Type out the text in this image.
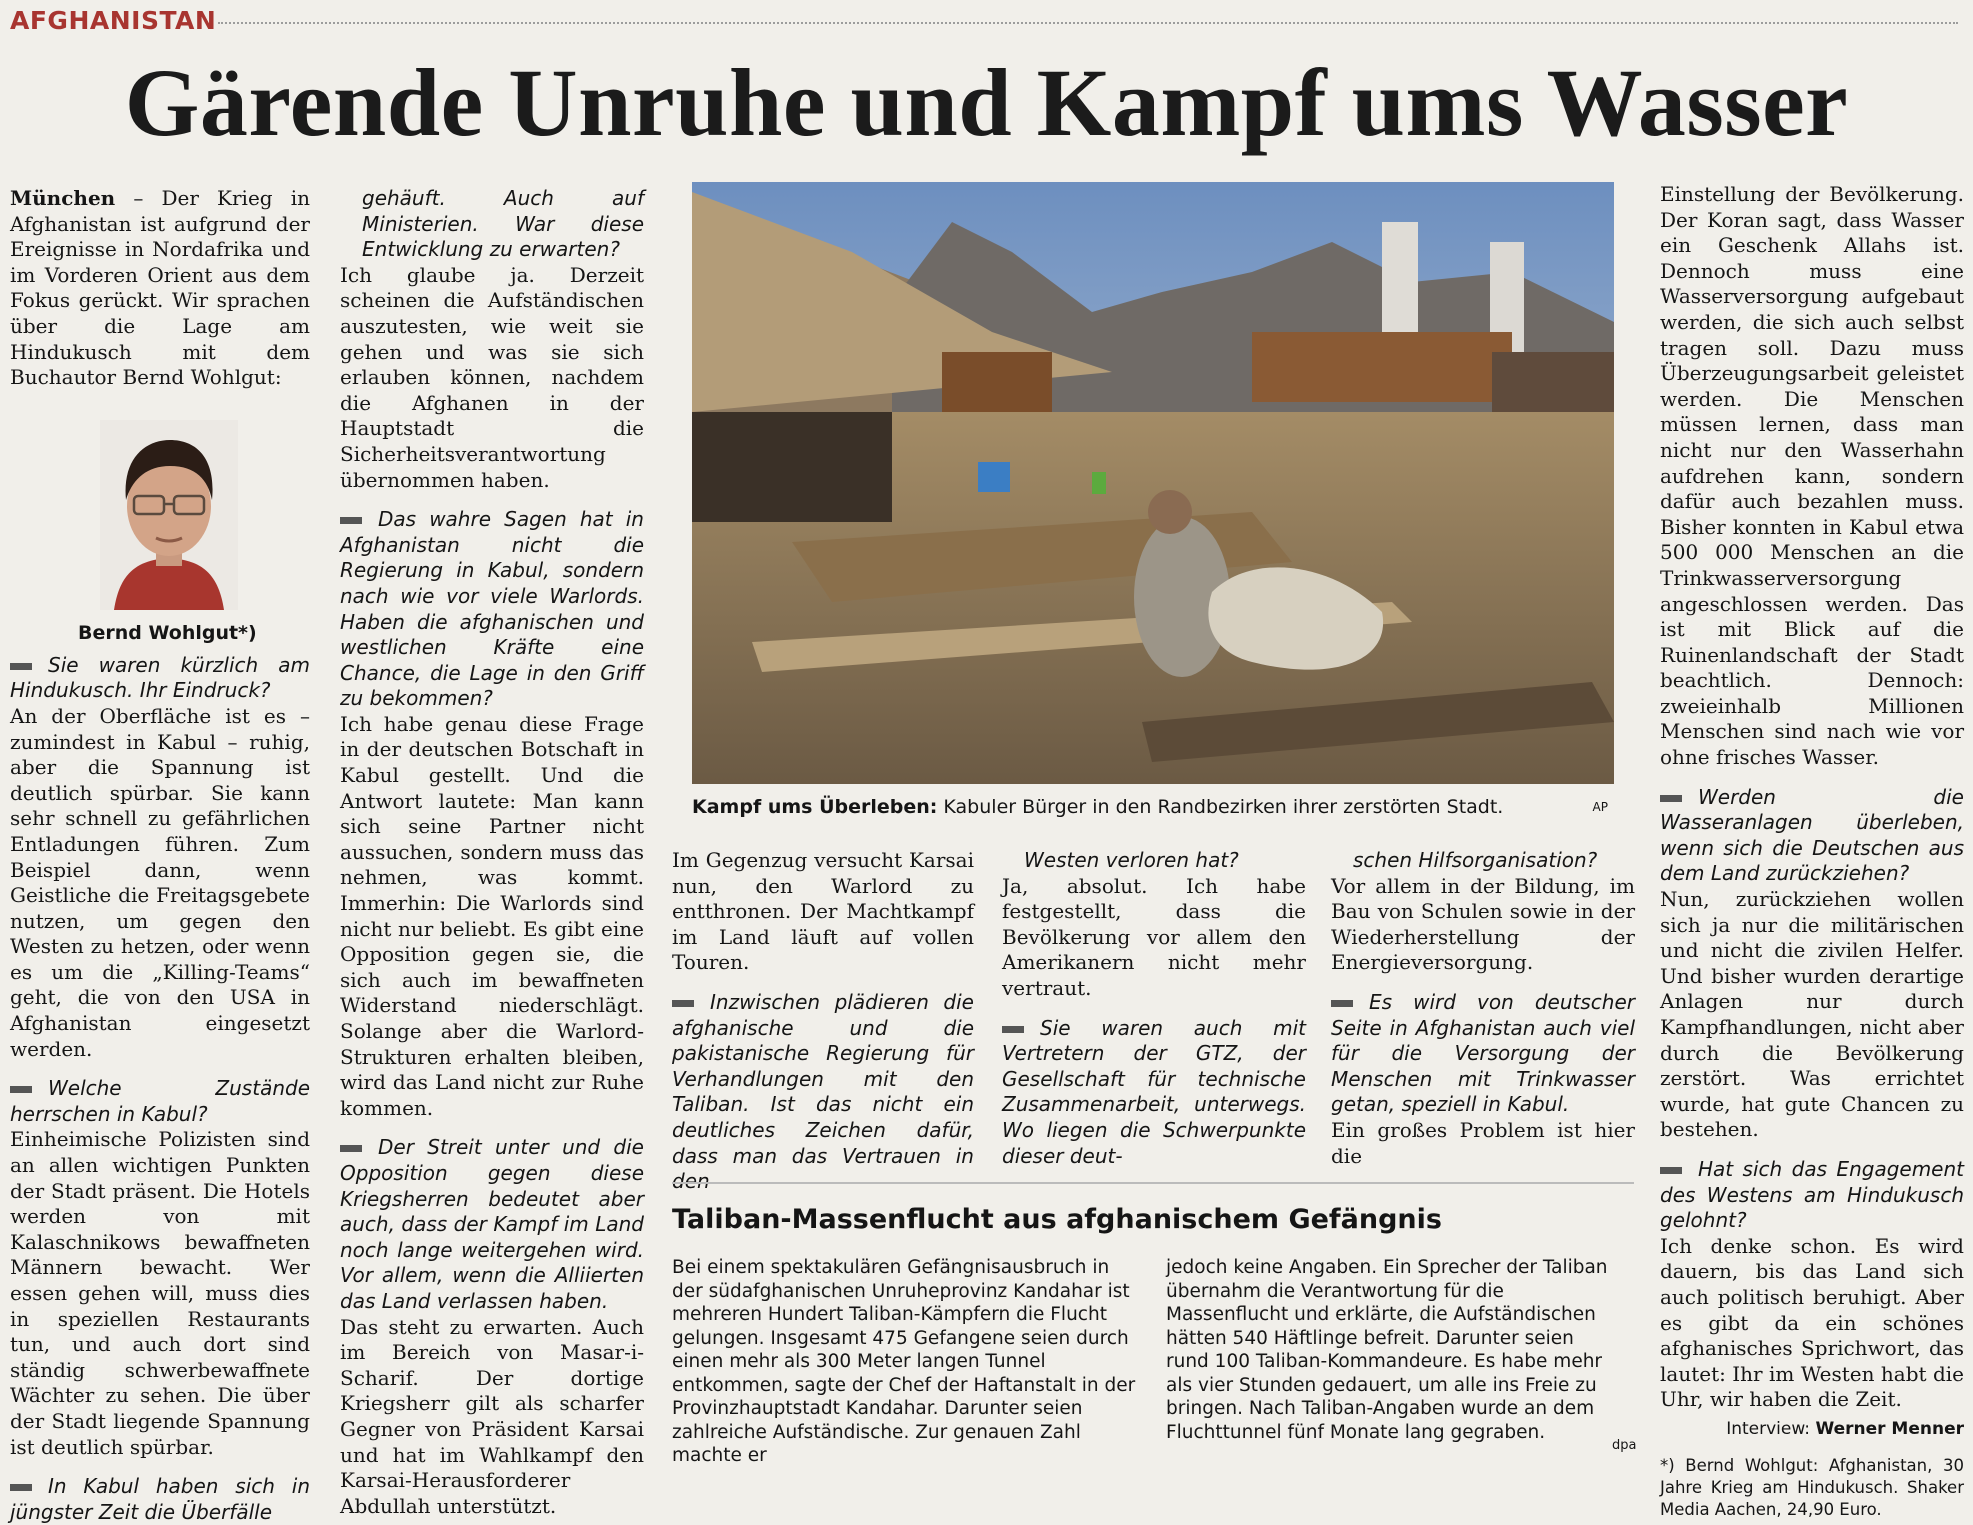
AFGHANISTAN
Gärende Unruhe und Kampf ums Wasser

München – Der Krieg in Afghanistan ist aufgrund der Ereignisse in Nordafrika und im Vorderen Orient aus dem Fokus gerückt. Wir sprachen über die Lage am Hindukusch mit dem Buchautor Bernd Wohlgut:

Sie waren kürzlich am Hindukusch. Ihr Eindruck?

An der Oberfläche ist es – zumindest in Kabul – ruhig, aber die Spannung ist deutlich spürbar. Sie kann sehr schnell zu gefährlichen Entladungen führen. Zum Beispiel dann, wenn Geistliche die Freitagsgebete nutzen, um gegen den Westen zu hetzen, oder wenn es um die „Killing-Teams“ geht, die von den USA in Afghanistan eingesetzt werden.

Welche Zustände herrschen in Kabul?

Einheimische Polizisten sind an allen wichtigen Punkten der Stadt präsent. Die Hotels werden von mit Kalaschnikows bewaffneten Männern bewacht. Wer essen gehen will, muss dies in speziellen Restaurants tun, und auch dort sind ständig schwerbewaffnete Wächter zu sehen. Die über der Stadt liegende Spannung ist deutlich spürbar.

In Kabul haben sich in jüngster Zeit die Überfälle

Bernd Wohlgut*)

gehäuft. Auch auf Ministerien. War diese Entwicklung zu erwarten?

Ich glaube ja. Derzeit scheinen die Aufständischen auszutesten, wie weit sie gehen und was sie sich erlauben können, nachdem die Afghanen in der Hauptstadt die Sicherheitsverantwortung übernommen haben.

Das wahre Sagen hat in Afghanistan nicht die Regierung in Kabul, sondern nach wie vor viele Warlords. Haben die afghanischen und westlichen Kräfte eine Chance, die Lage in den Griff zu bekommen?

Ich habe genau diese Frage in der deutschen Botschaft in Kabul gestellt. Und die Antwort lautete: Man kann sich seine Partner nicht aussuchen, sondern muss das nehmen, was kommt. Immerhin: Die Warlords sind nicht nur beliebt. Es gibt eine Opposition gegen sie, die sich auch im bewaffneten Widerstand niederschlägt. Solange aber die Warlord-Strukturen erhalten bleiben, wird das Land nicht zur Ruhe kommen.

Der Streit unter und die Opposition gegen diese Kriegsherren bedeutet aber auch, dass der Kampf im Land noch lange weitergehen wird. Vor allem, wenn die Alliierten das Land verlassen haben.

Das steht zu erwarten. Auch im Bereich von Masar-i-Scharif. Der dortige Kriegsherr gilt als scharfer Gegner von Präsident Karsai und hat im Wahlkampf den Karsai-Herausforderer Abdullah unterstützt.

Kampf ums Überleben: Kabuler Bürger in den Randbezirken ihrer zerstörten Stadt.	AP

Im Gegenzug versucht Karsai nun, den Warlord zu entthronen. Der Machtkampf im Land läuft auf vollen Touren.

Inzwischen plädieren die afghanische und die pakistanische Regierung für Verhandlungen mit den Taliban. Ist das nicht ein deutliches Zeichen dafür, dass man das Vertrauen in den

Westen verloren hat?

Ja, absolut. Ich habe festgestellt, dass die Bevölkerung vor allem den Amerikanern nicht mehr vertraut.

Sie waren auch mit Vertretern der GTZ, der Gesellschaft für technische Zusammenarbeit, unterwegs. Wo liegen die Schwerpunkte dieser deut-

schen Hilfsorganisation?

Vor allem in der Bildung, im Bau von Schulen sowie in der Wiederherstellung der Energieversorgung.

Es wird von deutscher Seite in Afghanistan auch viel für die Versorgung der Menschen mit Trinkwasser getan, speziell in Kabul.

Ein großes Problem ist hier die

Einstellung der Bevölkerung. Der Koran sagt, dass Wasser ein Geschenk Allahs ist. Dennoch muss eine Wasserversorgung aufgebaut werden, die sich auch selbst tragen soll. Dazu muss Überzeugungsarbeit geleistet werden. Die Menschen müssen lernen, dass man nicht nur den Wasserhahn aufdrehen kann, sondern dafür auch bezahlen muss. Bisher konnten in Kabul etwa 500 000 Menschen an die Trinkwasserversorgung angeschlossen werden. Das ist mit Blick auf die Ruinenlandschaft der Stadt beachtlich. Dennoch: zweieinhalb Millionen Menschen sind nach wie vor ohne frisches Wasser.

Werden die Wasseranlagen überleben, wenn sich die Deutschen aus dem Land zurückziehen?

Nun, zurückziehen wollen sich ja nur die militärischen und nicht die zivilen Helfer. Und bisher wurden derartige Anlagen nur durch Kampfhandlungen, nicht aber durch die Bevölkerung zerstört. Was errichtet wurde, hat gute Chancen zu bestehen.

Hat sich das Engagement des Westens am Hindukusch gelohnt?

Ich denke schon. Es wird dauern, bis das Land sich auch politisch beruhigt. Aber es gibt da ein schönes afghanisches Sprichwort, das lautet: Ihr im Westen habt die Uhr, wir haben die Zeit.

Interview: Werner Menner

*) Bernd Wohlgut: Afghanistan, 30 Jahre Krieg am Hindukusch. Shaker Media Aachen, 24,90 Euro.

Taliban-Massenflucht aus afghanischem Gefängnis
Bei einem spektakulären Gefängnisausbruch in der südafghanischen Unruheprovinz Kandahar ist mehreren Hundert Taliban-Kämpfern die Flucht gelungen. Insgesamt 475 Gefangene seien durch einen mehr als 300 Meter langen Tunnel entkommen, sagte der Chef der Haftanstalt in der Provinzhauptstadt Kandahar. Darunter seien zahlreiche Aufständische. Zur genauen Zahl machte er
jedoch keine Angaben. Ein Sprecher der Taliban übernahm die Verantwortung für die Massenflucht und erklärte, die Aufständischen hätten 540 Häftlinge befreit. Darunter seien rund 100 Taliban-Kommandeure. Es habe mehr als vier Stunden gedauert, um alle ins Freie zu bringen. Nach Taliban-Angaben wurde an dem Fluchttunnel fünf Monate lang gegraben.
dpa
